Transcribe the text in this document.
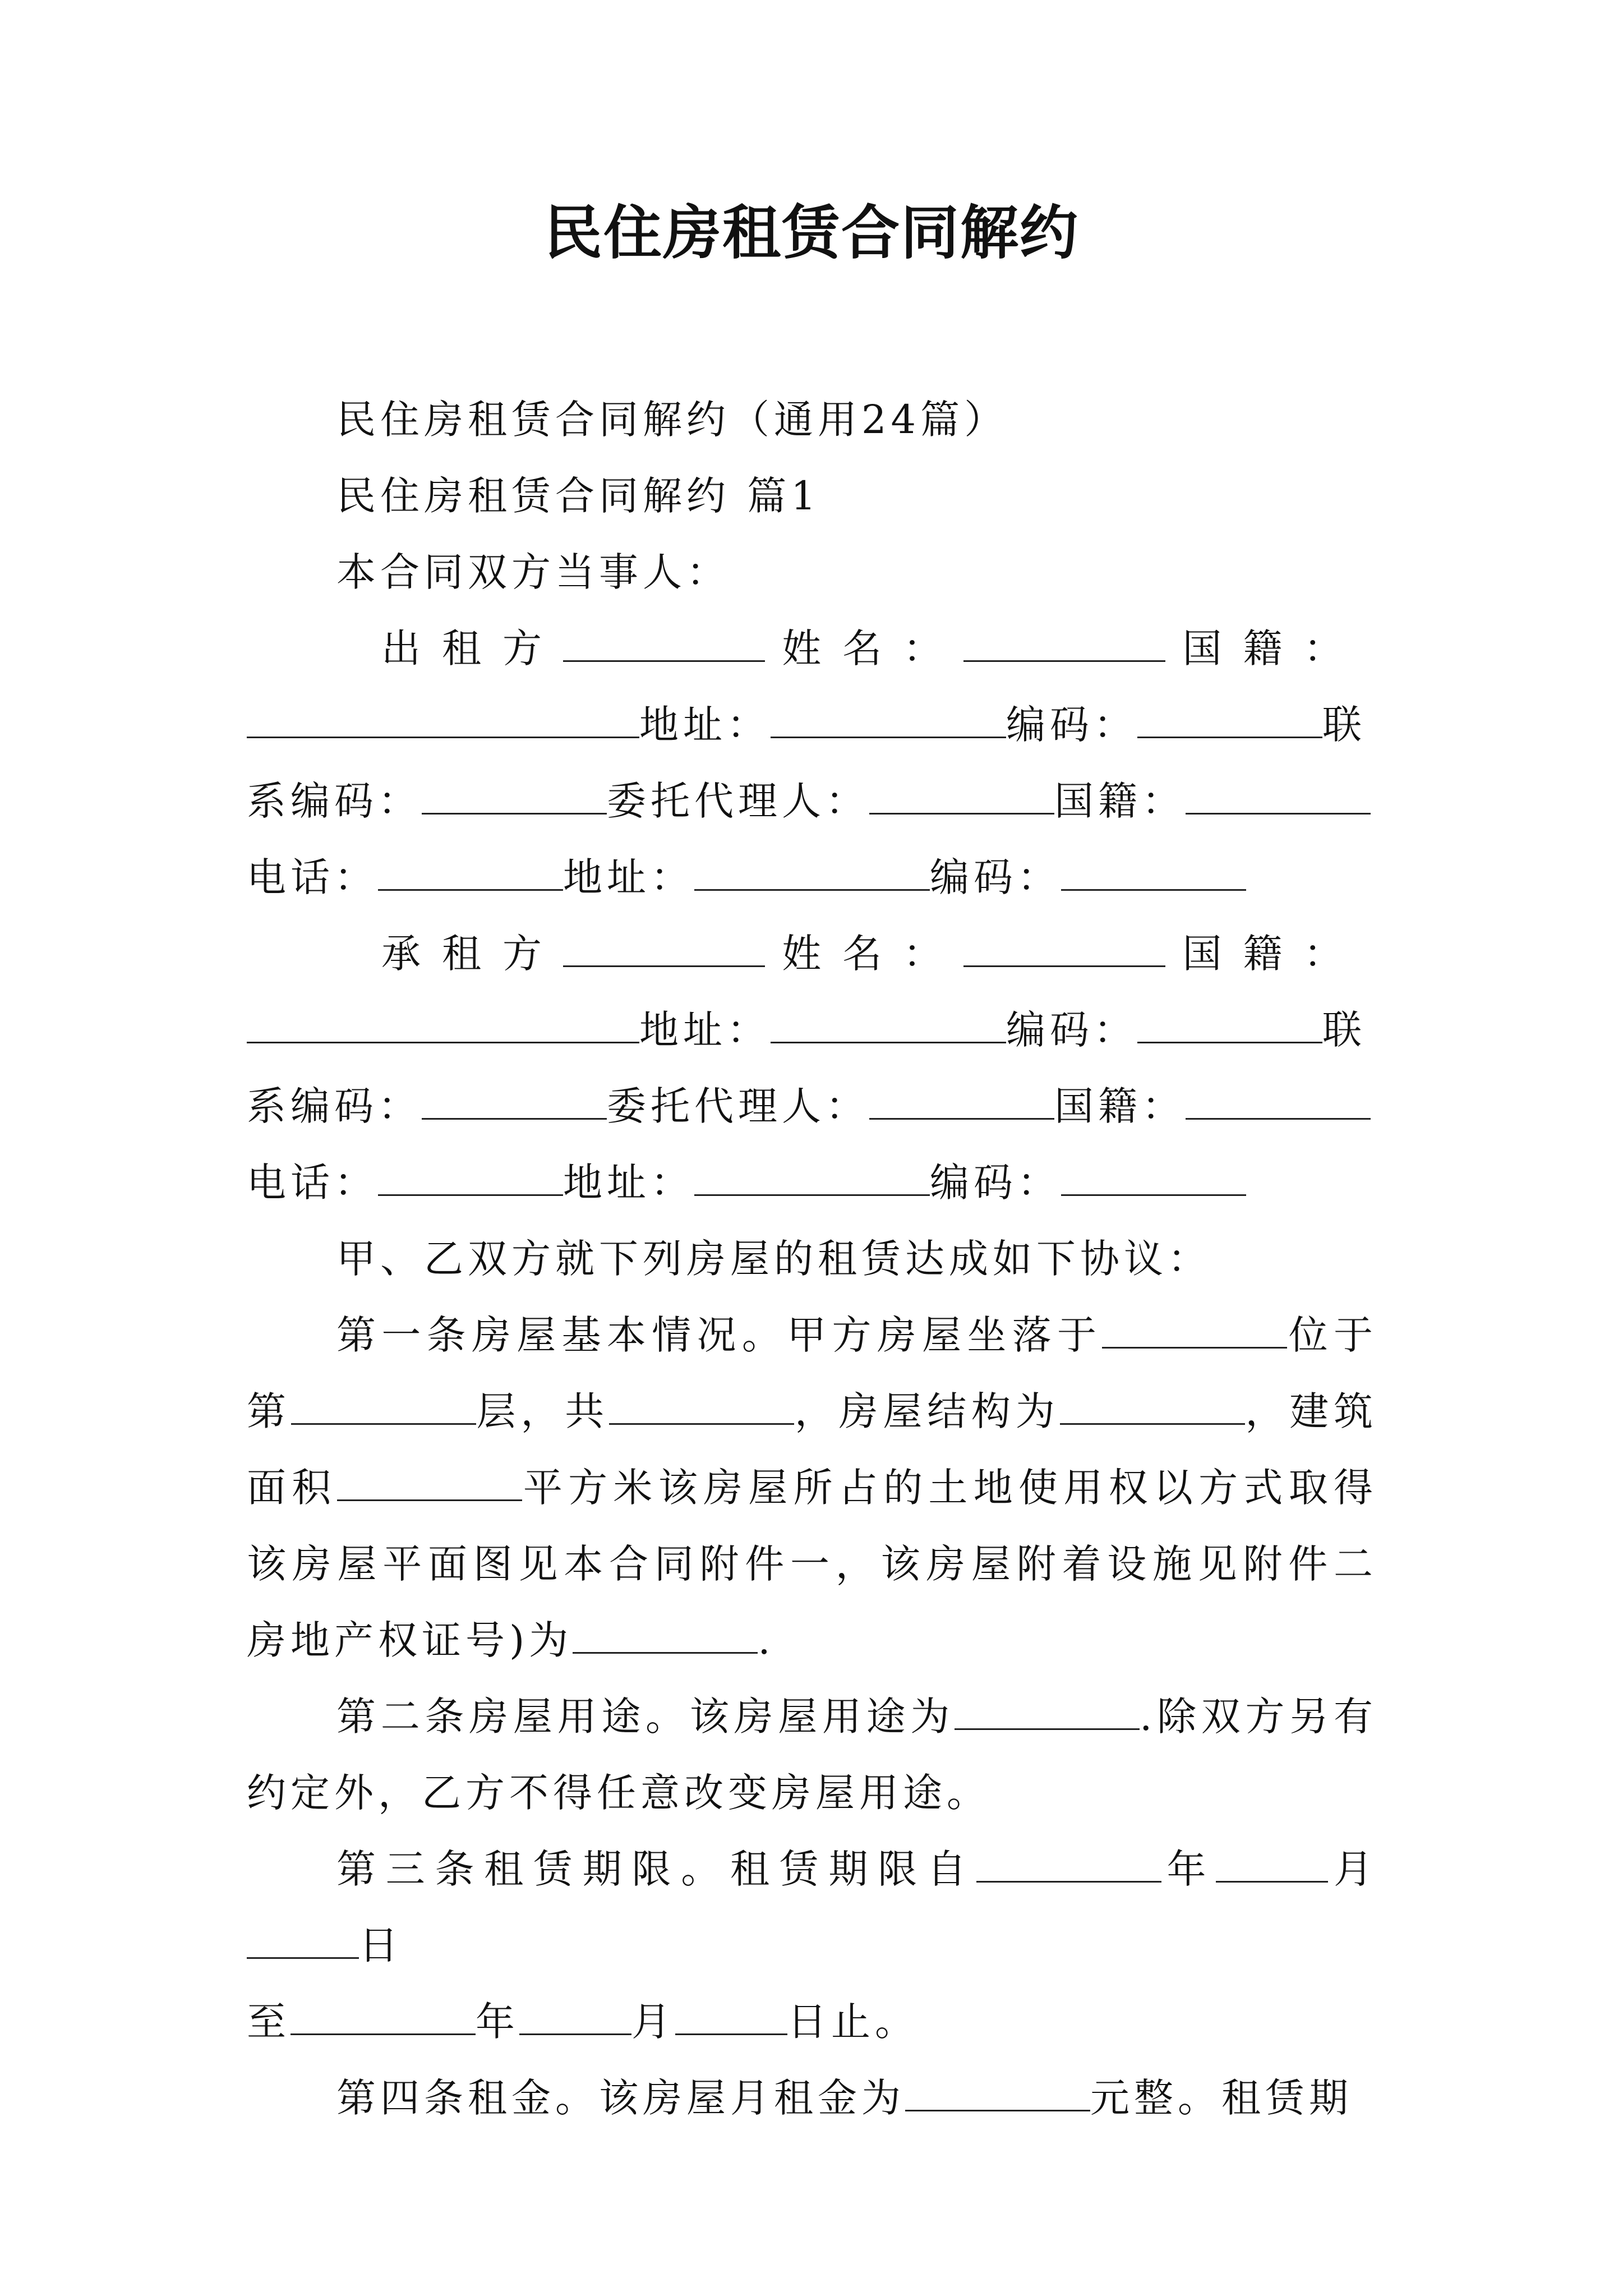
民住房租赁合同解约

民住房租赁合同解约（通用24篇）

民住房租赁合同解约 篇1

本合同双方当事人：

出租方	姓名：	国籍：
地址：	编码：	联
系编码：	委托代理人：	国籍：
电话：	地址：	编码：

承租方	姓名：	国籍：
地址：	编码：	联
系编码：	委托代理人：	国籍：
电话：	地址：	编码：

甲、乙双方就下列房屋的租赁达成如下协议：

第一条房屋基本情况。甲方房屋坐落于	位于第	层，共	，房屋结构为	，建筑面积	平方米该房屋所占的土地使用权以方式取得该房屋平面图见本合同附件一，该房屋附着设施见附件二房地产权证号)为	.

第二条房屋用途。该房屋用途为	.除双方另有约定外，乙方不得任意改变房屋用途。

第三条租赁期限。租赁期限自	年	月日
至	年	月	日止。

第四条租金。该房屋月租金为	元整。租赁期
